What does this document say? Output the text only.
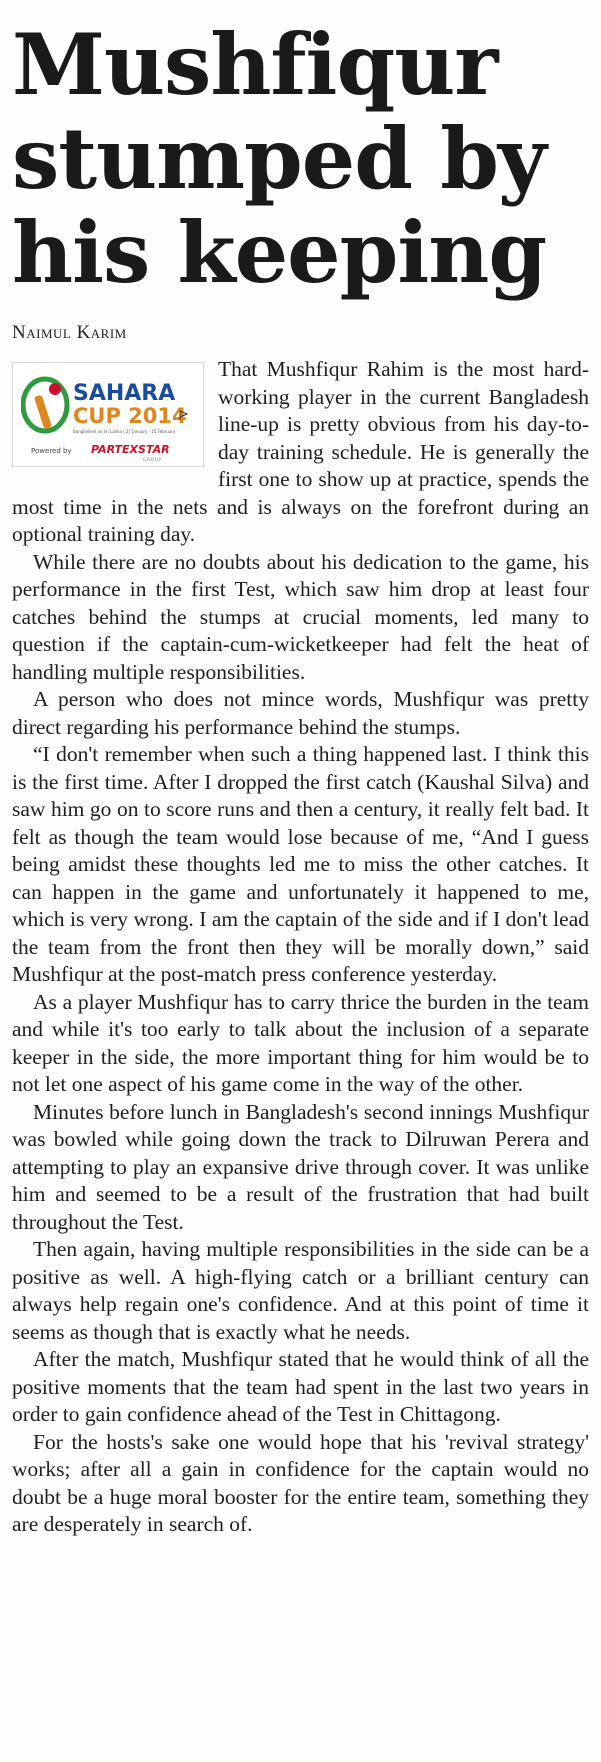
Mushfiqur
stumped by
his keeping
Naimul Karim
SAHARA
CUP 2014
Bangladesh vs Sri Lanka | 27 January - 25 February
Powered by PARTEXSTAR
GROUP

That Mushfiqur Rahim is the most hard-working player in the current Bangladesh line-up is pretty obvious from his day-to-day training schedule. He is generally the first one to show up at practice, spends the most time in the nets and is always on the forefront during an optional training day.

While there are no doubts about his dedication to the game, his performance in the first Test, which saw him drop at least four catches behind the stumps at crucial moments, led many to question if the captain-cum-wicketkeeper had felt the heat of handling multiple responsibilities.

A person who does not mince words, Mushfiqur was pretty direct regarding his performance behind the stumps.

“I don't remember when such a thing happened last. I think this is the first time. After I dropped the first catch (Kaushal Silva) and saw him go on to score runs and then a century, it really felt bad. It felt as though the team would lose because of me, “And I guess being amidst these thoughts led me to miss the other catches. It can happen in the game and unfortunately it happened to me, which is very wrong. I am the captain of the side and if I don't lead the team from the front then they will be morally down,” said Mushfiqur at the post-match press conference yesterday.

As a player Mushfiqur has to carry thrice the burden in the team and while it's too early to talk about the inclusion of a separate keeper in the side, the more important thing for him would be to not let one aspect of his game come in the way of the other.

Minutes before lunch in Bangladesh's second innings Mushfiqur was bowled while going down the track to Dilruwan Perera and attempting to play an expansive drive through cover. It was unlike him and seemed to be a result of the frustration that had built throughout the Test.

Then again, having multiple responsibilities in the side can be a positive as well. A high-flying catch or a brilliant century can always help regain one's confidence. And at this point of time it seems as though that is exactly what he needs.

After the match, Mushfiqur stated that he would think of all the positive moments that the team had spent in the last two years in order to gain confidence ahead of the Test in Chittagong.

For the hosts's sake one would hope that his 'revival strategy' works; after all a gain in confidence for the captain would no doubt be a huge moral booster for the entire team, something they are desperately in search of.
